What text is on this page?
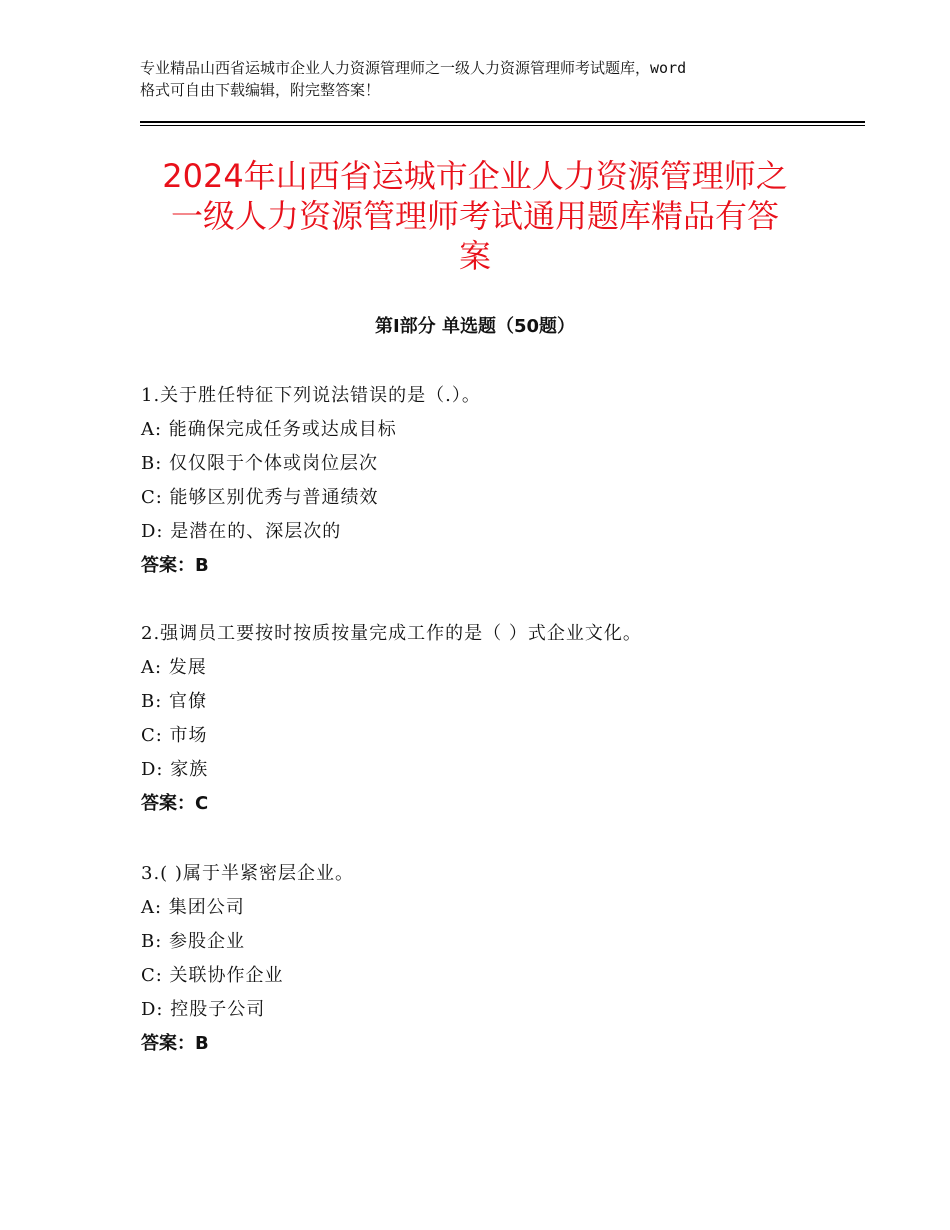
专业精品山西省运城市企业人力资源管理师之一级人力资源管理师考试题库，word
格式可自由下载编辑，附完整答案！
2024年山西省运城市企业人力资源管理师之
一级人力资源管理师考试通用题库精品有答
案
第Ⅰ部分 单选题（50题）
1.关于胜任特征下列说法错误的是（.）。
A: 能确保完成任务或达成目标
B: 仅仅限于个体或岗位层次
C: 能够区别优秀与普通绩效
D: 是潜在的、深层次的
答案：B
2.强调员工要按时按质按量完成工作的是（ ）式企业文化。
A: 发展
B: 官僚
C: 市场
D: 家族
答案：C
3.( )属于半紧密层企业。
A: 集团公司
B: 参股企业
C: 关联协作企业
D: 控股子公司
答案：B
